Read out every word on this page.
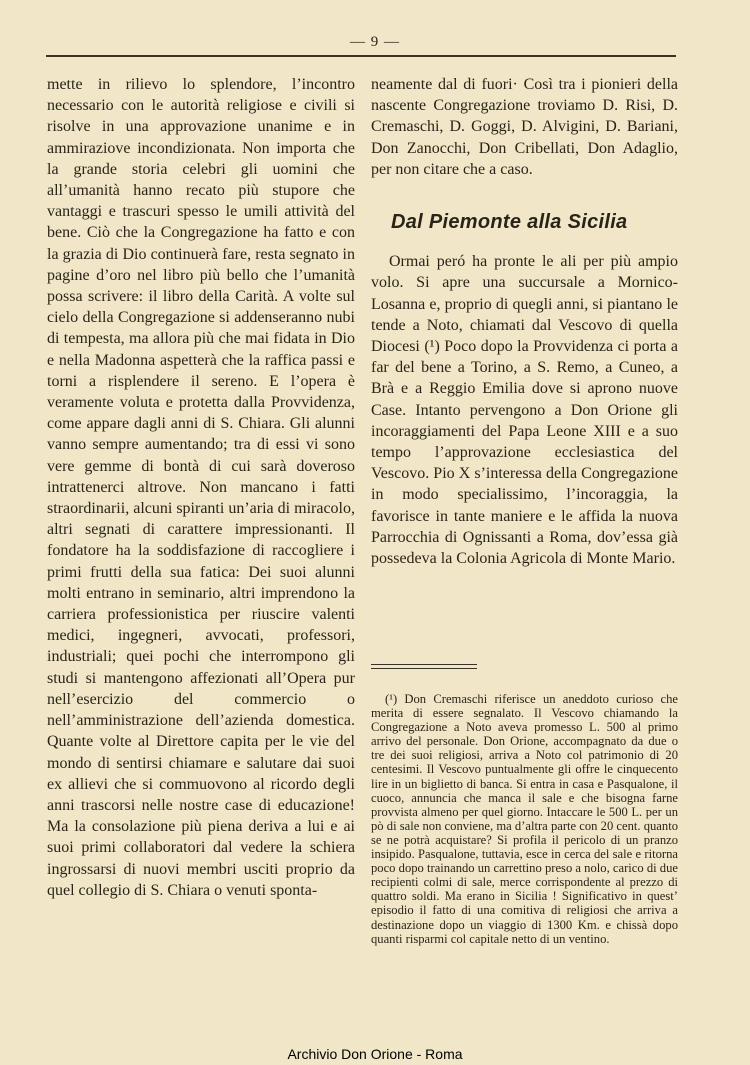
— 9 —

mette in rilievo lo splendore, l’incontro necessario con le autorità religiose e civili si risolve in una approvazione unanime e in ammiraziove incondizionata. Non importa che la grande storia celebri gli uomini che all’umanità hanno recato più stupore che vantaggi e trascuri spesso le umili attività del bene. Ciò che la Congregazione ha fatto e con la grazia di Dio continuerà fare, resta segnato in pagine d’oro nel libro più bello che l’umanità possa scrivere: il libro della Carità. A volte sul cielo della Congregazione si addenseranno nubi di tempesta, ma allora più che mai fidata in Dio e nella Madonna aspetterà che la raffica passi e torni a risplendere il sereno. E l’opera è veramente voluta e protetta dalla Provvidenza, come appare dagli anni di S. Chiara. Gli alunni vanno sempre aumentando; tra di essi vi sono vere gemme di bontà di cui sarà doveroso intrattenerci altrove. Non mancano i fatti straordinarii, alcuni spiranti un’aria di miracolo, altri segnati di carattere impressionanti. Il fondatore ha la soddisfazione di raccogliere i primi frutti della sua fatica: Dei suoi alunni molti entrano in seminario, altri imprendono la carriera professionistica per riuscire valenti medici, ingegneri, avvocati, professori, industriali; quei pochi che interrompono gli studi si mantengono affezionati all’Opera pur nell’esercizio del commercio o nell’amministrazione dell’azienda domestica. Quante volte al Direttore capita per le vie del mondo di sentirsi chiamare e salutare dai suoi ex allievi che si commuovono al ricordo degli anni trascorsi nelle nostre case di educazione! Ma la consolazione più piena deriva a lui e ai suoi primi collaboratori dal vedere la schiera ingrossarsi di nuovi membri usciti proprio da quel collegio di S. Chiara o venuti sponta-

neamente dal di fuori· Così tra i pionieri della nascente Congregazione troviamo D. Risi, D. Cremaschi, D. Goggi, D. Alvigini, D. Bariani, Don Zanocchi, Don Cribellati, Don Adaglio, per non citare che a caso.

Dal Piemonte alla Sicilia

Ormai peró ha pronte le ali per più ampio volo. Si apre una succursale a Mornico-Losanna e, proprio di quegli anni, si piantano le tende a Noto, chiamati dal Vescovo di quella Diocesi (¹) Poco dopo la Provvidenza ci porta a far del bene a Torino, a S. Remo, a Cuneo, a Brà e a Reggio Emilia dove si aprono nuove Case. Intanto pervengono a Don Orione gli incoraggiamenti del Papa Leone XIII e a suo tempo l’approvazione ecclesiastica del Vescovo. Pio X s’interessa della Congregazione in modo specialissimo, l’incoraggia, la favorisce in tante maniere e le affida la nuova Parrocchia di Ognissanti a Roma, dov’essa già possedeva la Colonia Agricola di Monte Mario.

(¹) Don Cremaschi riferisce un aneddoto curioso che merita di essere segnalato. Il Vescovo chiamando la Congregazione a Noto aveva promesso L. 500 al primo arrivo del personale. Don Orione, accompagnato da due o tre dei suoi religiosi, arriva a Noto col patrimonio di 20 centesimi. Il Vescovo puntualmente gli offre le cinquecento lire in un biglietto di banca. Si entra in casa e Pasqualone, il cuoco, annuncia che manca il sale e che bisogna farne provvista almeno per quel giorno. Intaccare le 500 L. per un pò di sale non conviene, ma d’altra parte con 20 cent. quanto se ne potrà acquistare? Si profila il pericolo di un pranzo insipido. Pasqualone, tuttavia, esce in cerca del sale e ritorna poco dopo trainando un carrettino preso a nolo, carico di due recipienti colmi di sale, merce corrispondente al prezzo di quattro soldi. Ma erano in Sicilia ! Significativo in quest’ episodio il fatto di una comitiva di religiosi che arriva a destinazione dopo un viaggio di 1300 Km. e chissà dopo quanti risparmi col capitale netto di un ventino.
Archivio Don Orione - Roma
